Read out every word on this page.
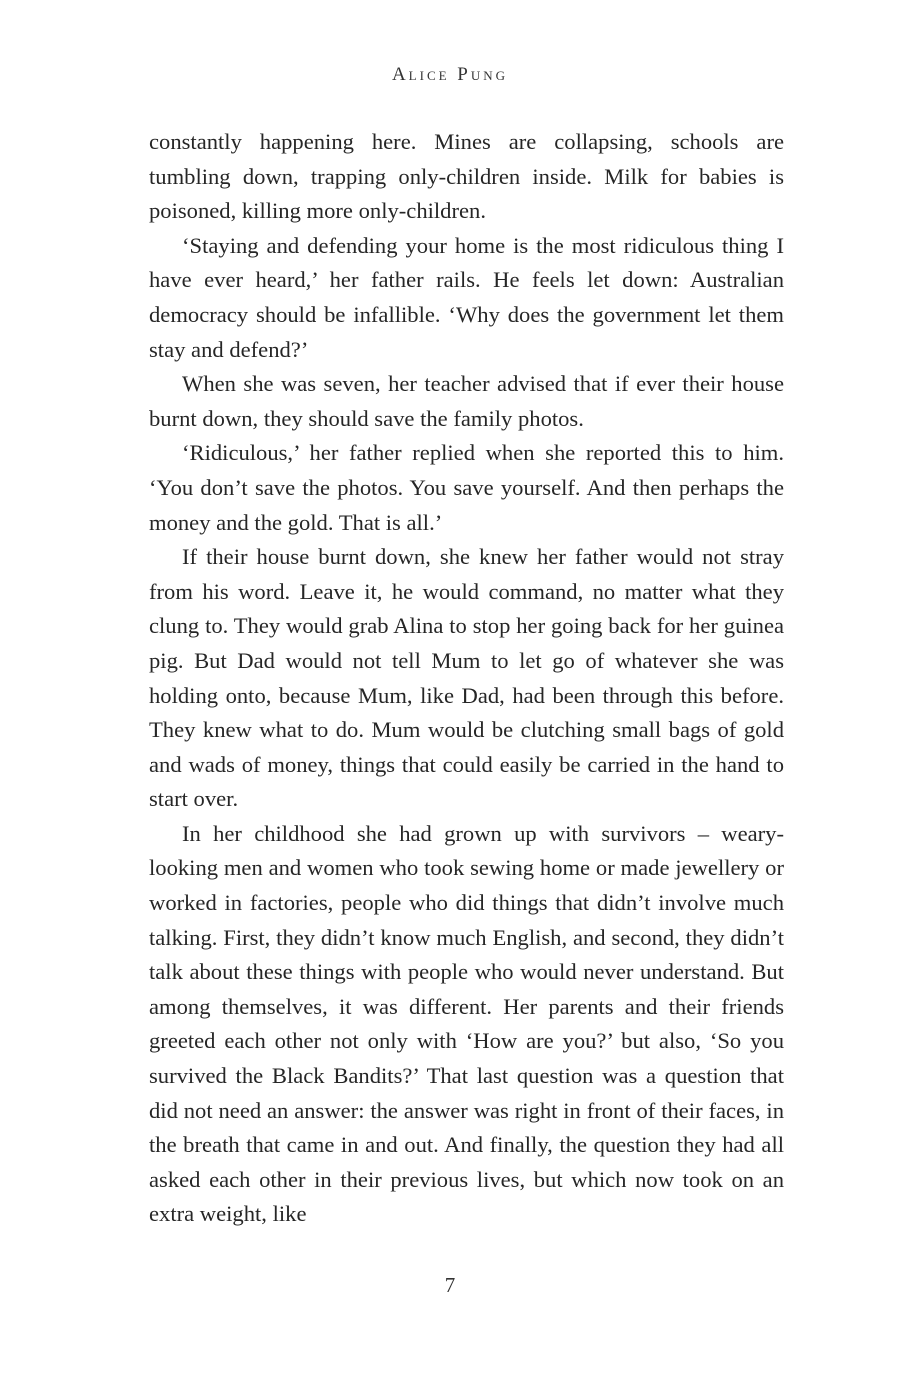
Alice Pung

constantly happening here. Mines are collapsing, schools are tumbling down, trapping only-children inside. Milk for babies is poisoned, killing more only-children.

‘Staying and defending your home is the most ridiculous thing I have ever heard,’ her father rails. He feels let down: Australian democracy should be infallible. ‘Why does the government let them stay and defend?’

When she was seven, her teacher advised that if ever their house burnt down, they should save the family photos.

‘Ridiculous,’ her father replied when she reported this to him. ‘You don’t save the photos. You save yourself. And then perhaps the money and the gold. That is all.’

If their house burnt down, she knew her father would not stray from his word. Leave it, he would command, no matter what they clung to. They would grab Alina to stop her going back for her guinea pig. But Dad would not tell Mum to let go of whatever she was holding onto, because Mum, like Dad, had been through this before. They knew what to do. Mum would be clutching small bags of gold and wads of money, things that could easily be carried in the hand to start over.

In her childhood she had grown up with survivors – weary-looking men and women who took sewing home or made jewellery or worked in factories, people who did things that didn’t involve much talking. First, they didn’t know much English, and second, they didn’t talk about these things with people who would never understand. But among themselves, it was different. Her parents and their friends greeted each other not only with ‘How are you?’ but also, ‘So you survived the Black Bandits?’ That last question was a question that did not need an answer: the answer was right in front of their faces, in the breath that came in and out. And finally, the question they had all asked each other in their previous lives, but which now took on an extra weight, like

7
